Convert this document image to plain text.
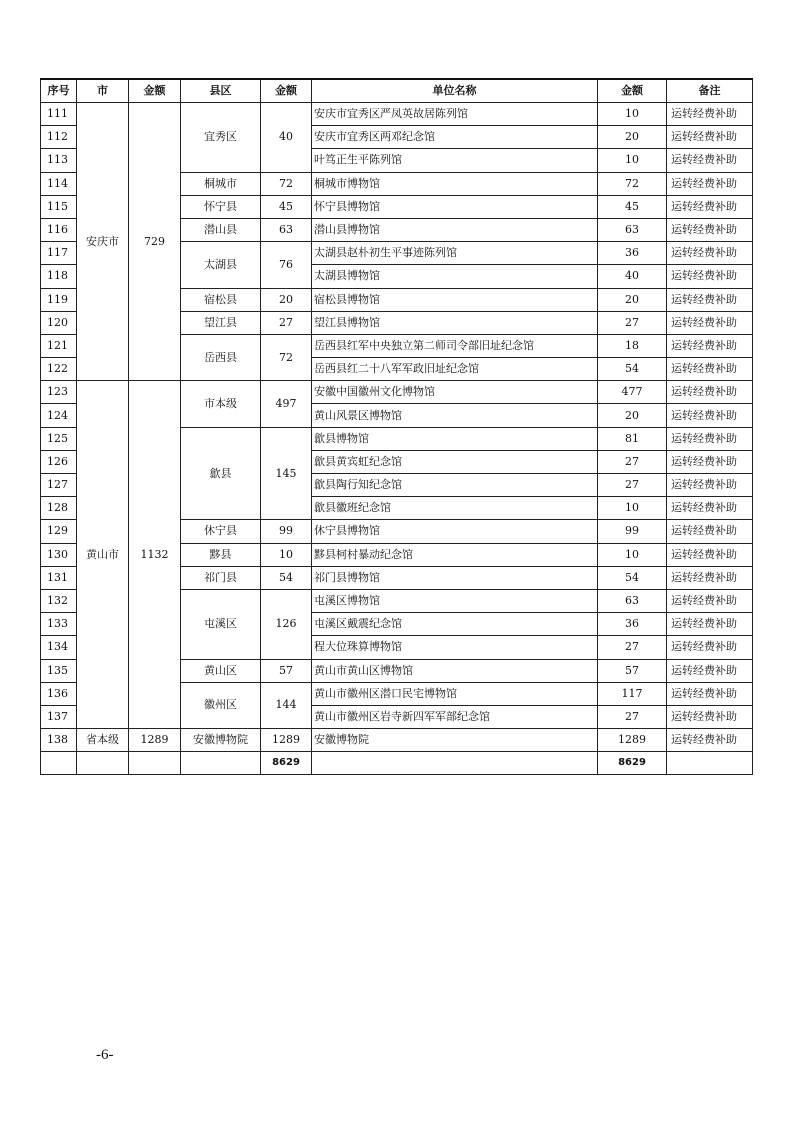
序号	市	金额	县区	金额	单位名称	金额	备注
111	安庆市	729	宜秀区	40	安庆市宜秀区严凤英故居陈列馆	10	运转经费补助
112					安庆市宜秀区两邓纪念馆	20	运转经费补助
113					叶笃正生平陈列馆	10	运转经费补助
114			桐城市	72	桐城市博物馆	72	运转经费补助
115			怀宁县	45	怀宁县博物馆	45	运转经费补助
116			潜山县	63	潜山县博物馆	63	运转经费补助
117			太湖县	76	太湖县赵朴初生平事迹陈列馆	36	运转经费补助
118					太湖县博物馆	40	运转经费补助
119			宿松县	20	宿松县博物馆	20	运转经费补助
120			望江县	27	望江县博物馆	27	运转经费补助
121			岳西县	72	岳西县红军中央独立第二师司令部旧址纪念馆	18	运转经费补助
122					岳西县红二十八军军政旧址纪念馆	54	运转经费补助
123	黄山市	1132	市本级	497	安徽中国徽州文化博物馆	477	运转经费补助
124					黄山风景区博物馆	20	运转经费补助
125			歙县	145	歙县博物馆	81	运转经费补助
126					歙县黄宾虹纪念馆	27	运转经费补助
127					歙县陶行知纪念馆	27	运转经费补助
128					歙县徽班纪念馆	10	运转经费补助
129			休宁县	99	休宁县博物馆	99	运转经费补助
130			黟县	10	黟县柯村暴动纪念馆	10	运转经费补助
131			祁门县	54	祁门县博物馆	54	运转经费补助
132			屯溪区	126	屯溪区博物馆	63	运转经费补助
133					屯溪区戴震纪念馆	36	运转经费补助
134					程大位珠算博物馆	27	运转经费补助
135			黄山区	57	黄山市黄山区博物馆	57	运转经费补助
136			徽州区	144	黄山市徽州区潜口民宅博物馆	117	运转经费补助
137					黄山市徽州区岩寺新四军军部纪念馆	27	运转经费补助
138	省本级	1289	安徽博物院	1289	安徽博物院	1289	运转经费补助
				8629		8629	
-6-
